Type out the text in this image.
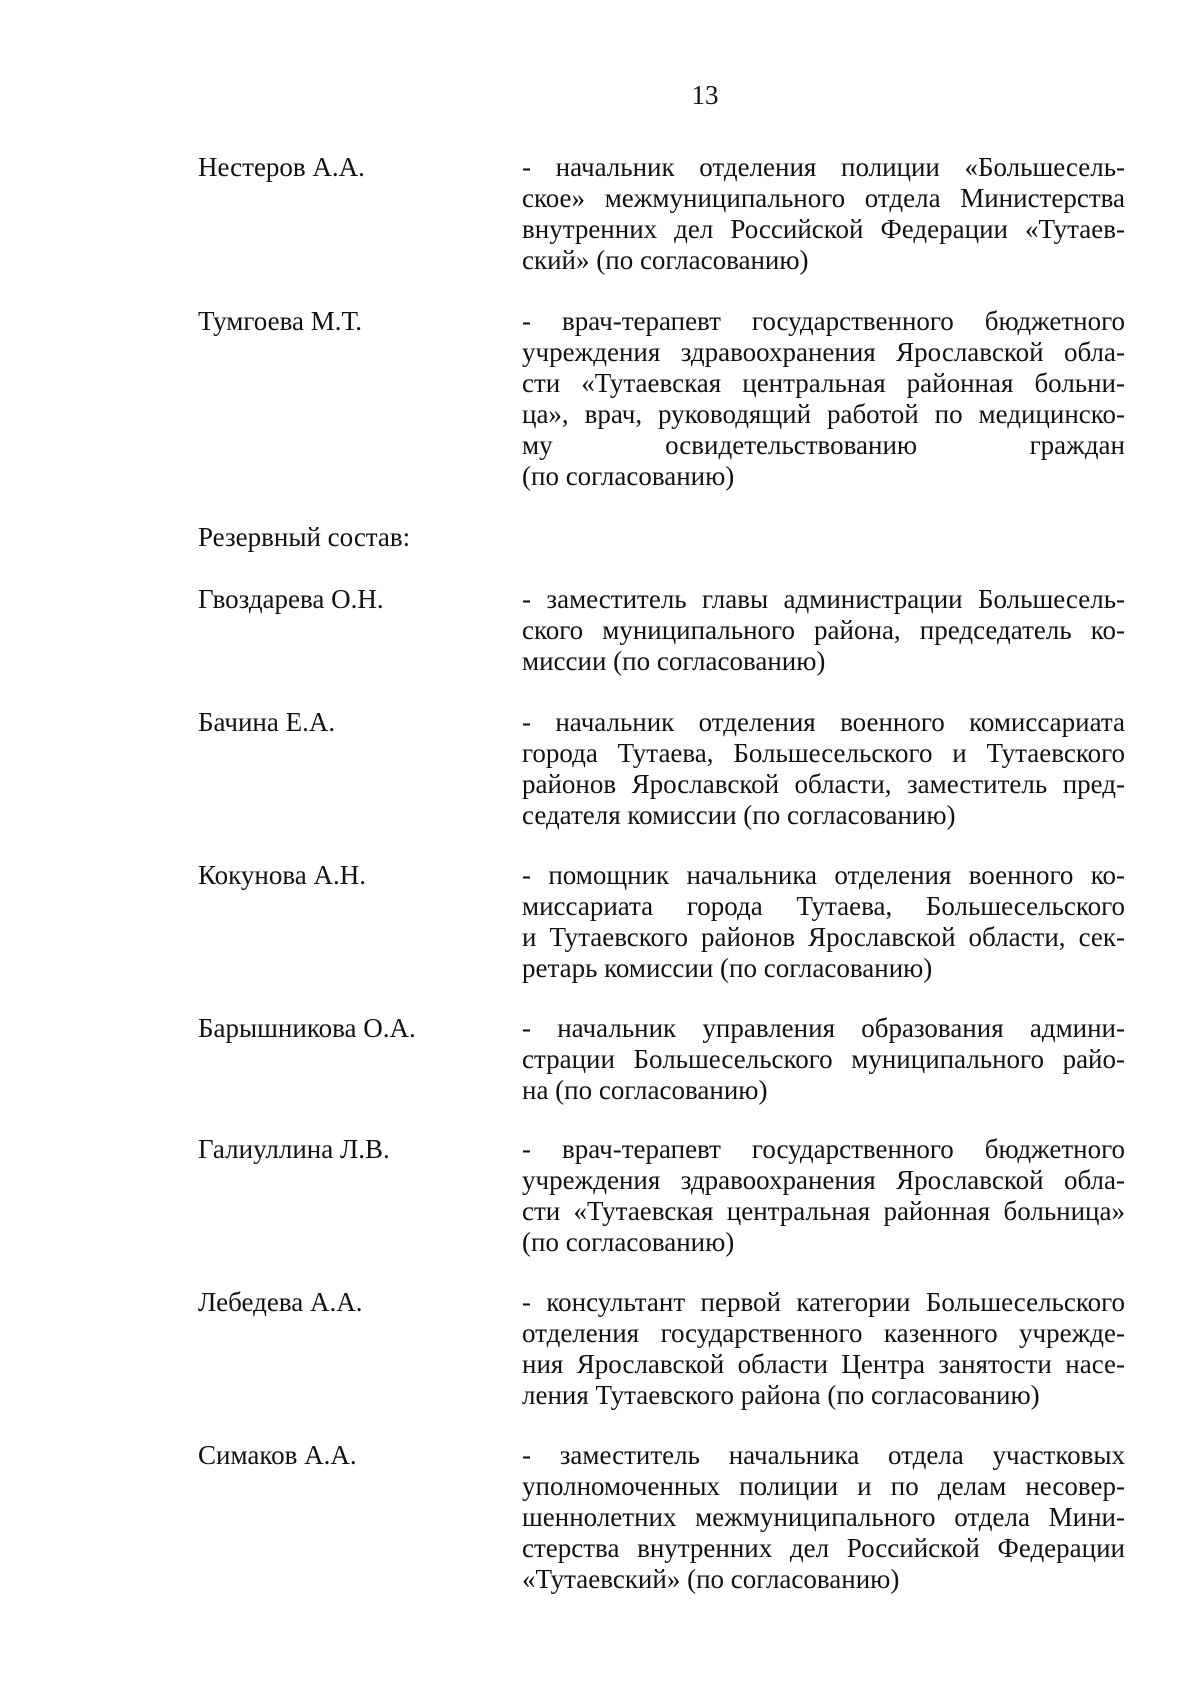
13
Нестеров А.А.	- начальник отделения полиции «Большесель-
ское» межмуниципального отдела Министерства
внутренних дел Российской Федерации «Тутаев-
ский» (по согласованию)
Тумгоева М.Т.	- врач-терапевт государственного бюджетного
учреждения здравоохранения Ярославской обла-
сти «Тутаевская центральная районная больни-
ца», врач, руководящий работой по медицинско-
му освидетельствованию граждан
(по согласованию)
Резервный состав:
Гвоздарева О.Н.	- заместитель главы администрации Большесель-
ского муниципального района, председатель ко-
миссии (по согласованию)
Бачина Е.А.	- начальник отделения военного комиссариата
города Тутаева, Большесельского и Тутаевского
районов Ярославской области, заместитель пред-
седателя комиссии (по согласованию)
Кокунова А.Н.	- помощник начальника отделения военного ко-
миссариата города Тутаева, Большесельского
и Тутаевского районов Ярославской области, сек-
ретарь комиссии (по согласованию)
Барышникова О.А.	- начальник управления образования админи-
страции Большесельского муниципального райо-
на (по согласованию)
Галиуллина Л.В.	- врач-терапевт государственного бюджетного
учреждения здравоохранения Ярославской обла-
сти «Тутаевская центральная районная больница»
(по согласованию)
Лебедева А.А.	- консультант первой категории Большесельского
отделения государственного казенного учрежде-
ния Ярославской области Центра занятости насе-
ления Тутаевского района (по согласованию)
Симаков А.А.	- заместитель начальника отдела участковых
уполномоченных полиции и по делам несовер-
шеннолетних межмуниципального отдела Мини-
стерства внутренних дел Российской Федерации
«Тутаевский» (по согласованию)
